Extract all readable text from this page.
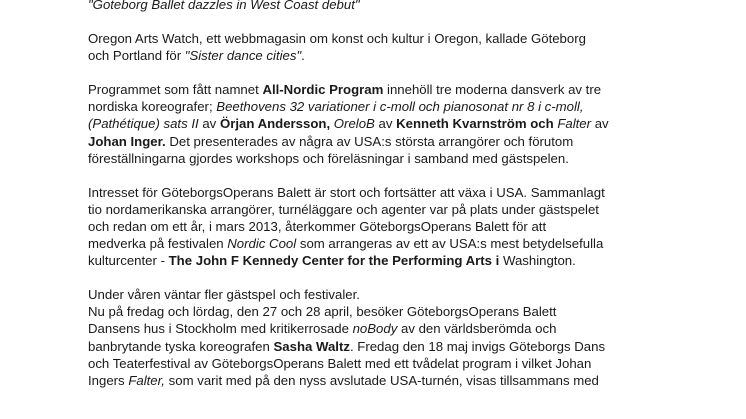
"Goteborg Ballet dazzles in West Coast debut"

Oregon Arts Watch, ett webbmagasin om konst och kultur i Oregon, kallade Göteborg
och Portland för "Sister dance cities".

Programmet som fått namnet All-Nordic Program innehöll tre moderna dansverk av tre
nordiska koreografer; Beethovens 32 variationer i c-moll och pianosonat nr 8 i c-moll,
(Pathétique) sats II av Örjan Andersson, OreloB av Kenneth Kvarnström och Falter av
Johan Inger. Det presenterades av några av USA:s största arrangörer och förutom
föreställningarna gjordes workshops och föreläsningar i samband med gästspelen.

Intresset för GöteborgsOperans Balett är stort och fortsätter att växa i USA. Sammanlagt
tio nordamerikanska arrangörer, turnéläggare och agenter var på plats under gästspelet
och redan om ett år, i mars 2013, återkommer GöteborgsOperans Balett för att
medverka på festivalen Nordic Cool som arrangeras av ett av USA:s mest betydelsefulla
kulturcenter - The John F Kennedy Center for the Performing Arts i Washington.

Under våren väntar fler gästspel och festivaler.
Nu på fredag och lördag, den 27 och 28 april, besöker GöteborgsOperans Balett
Dansens hus i Stockholm med kritikerrosade noBody av den världsberömda och
banbrytande tyska koreografen Sasha Waltz. Fredag den 18 maj invigs Göteborgs Dans
och Teaterfestival av GöteborgsOperans Balett med ett tvådelat program i vilket Johan
Ingers Falter, som varit med på den nyss avslutade USA-turnén, visas tillsammans med
